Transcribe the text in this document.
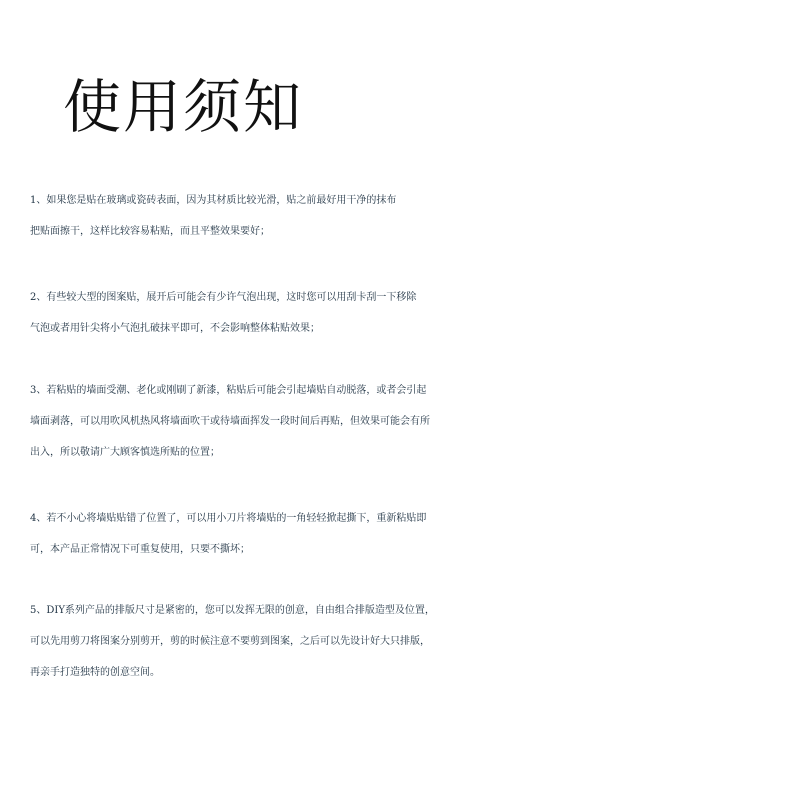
使用须知
1、如果您是贴在玻璃或瓷砖表面，因为其材质比较光滑，贴之前最好用干净的抹布
把贴面擦干，这样比较容易粘贴，而且平整效果要好；
2、有些较大型的图案贴，展开后可能会有少许气泡出现，这时您可以用刮卡刮一下移除
气泡或者用针尖将小气泡扎破抹平即可，不会影响整体粘贴效果；
3、若粘贴的墙面受潮、老化或刚刷了新漆，粘贴后可能会引起墙贴自动脱落，或者会引起
墙面剥落，可以用吹风机热风将墙面吹干或待墙面挥发一段时间后再贴，但效果可能会有所
出入，所以敬请广大顾客慎选所贴的位置；
4、若不小心将墙贴贴错了位置了，可以用小刀片将墙贴的一角轻轻掀起撕下，重新粘贴即
可，本产品正常情况下可重复使用，只要不撕坏；
5、DIY系列产品的排版尺寸是紧密的，您可以发挥无限的创意，自由组合排版造型及位置，
可以先用剪刀将图案分别剪开，剪的时候注意不要剪到图案，之后可以先设计好大只排版，
再亲手打造独特的创意空间。
